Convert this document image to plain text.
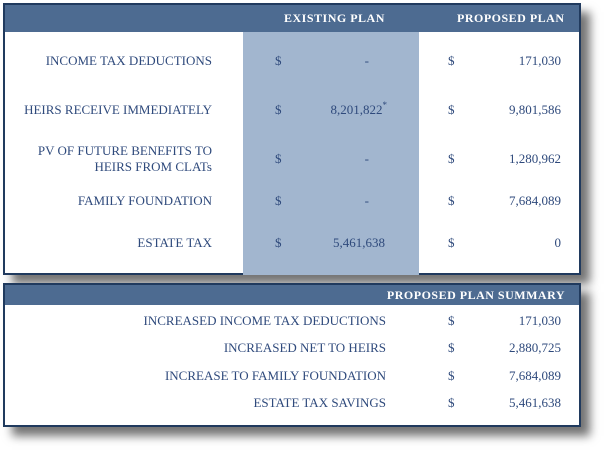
EXISTING PLAN	PROPOSED PLAN
INCOME TAX DEDUCTIONS	$	-	$	171,030
HEIRS RECEIVE IMMEDIATELY	$	8,201,822*	$	9,801,586
PV OF FUTURE BENEFITS TO
HEIRS FROM CLATs
$	-	$	1,280,962
FAMILY FOUNDATION	$	-	$	7,684,089
ESTATE TAX	$	5,461,638	$	0
PROPOSED PLAN SUMMARY
INCREASED INCOME TAX DEDUCTIONS	$	171,030
INCREASED NET TO HEIRS	$	2,880,725
INCREASE TO FAMILY FOUNDATION	$	7,684,089
ESTATE TAX SAVINGS	$	5,461,638
